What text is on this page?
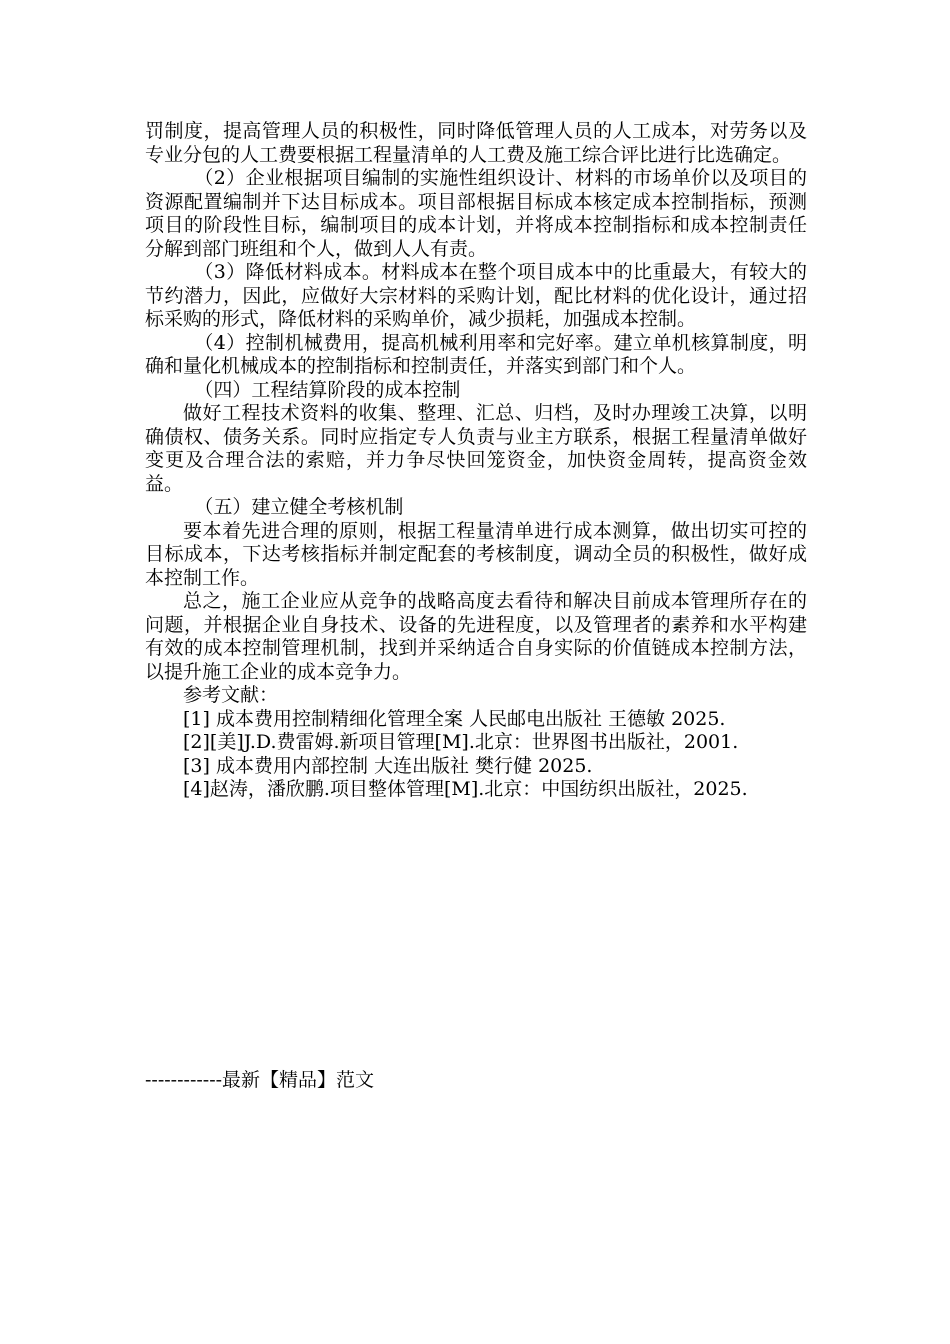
罚制度，提高管理人员的积极性，同时降低管理人员的人工成本，对劳务以及专业分包的人工费要根据工程量清单的人工费及施工综合评比进行比选确定。

（2）企业根据项目编制的实施性组织设计、材料的市场单价以及项目的资源配置编制并下达目标成本。项目部根据目标成本核定成本控制指标，预测项目的阶段性目标，编制项目的成本计划，并将成本控制指标和成本控制责任分解到部门班组和个人，做到人人有责。

（3）降低材料成本。材料成本在整个项目成本中的比重最大，有较大的节约潜力，因此，应做好大宗材料的采购计划，配比材料的优化设计，通过招标采购的形式，降低材料的采购单价，减少损耗，加强成本控制。

（4）控制机械费用，提高机械利用率和完好率。建立单机核算制度，明确和量化机械成本的控制指标和控制责任，并落实到部门和个人。

（四）工程结算阶段的成本控制

做好工程技术资料的收集、整理、汇总、归档，及时办理竣工决算，以明确债权、债务关系。同时应指定专人负责与业主方联系，根据工程量清单做好变更及合理合法的索赔，并力争尽快回笼资金，加快资金周转，提高资金效益。

（五）建立健全考核机制

要本着先进合理的原则，根据工程量清单进行成本测算，做出切实可控的目标成本，下达考核指标并制定配套的考核制度，调动全员的积极性，做好成本控制工作。

总之，施工企业应从竞争的战略高度去看待和解决目前成本管理所存在的问题，并根据企业自身技术、设备的先进程度，以及管理者的素养和水平构建有效的成本控制管理机制，找到并采纳适合自身实际的价值链成本控制方法，以提升施工企业的成本竞争力。

参考文献：

[1] 成本费用控制精细化管理全案 人民邮电出版社 王德敏 2025.

[2][美]J.D.费雷姆.新项目管理[M].北京：世界图书出版社，2001.

[3] 成本费用内部控制 大连出版社 樊行健 2025.

[4]赵涛，潘欣鹏.项目整体管理[M].北京：中国纺织出版社，2025.

------------最新【精品】范文
